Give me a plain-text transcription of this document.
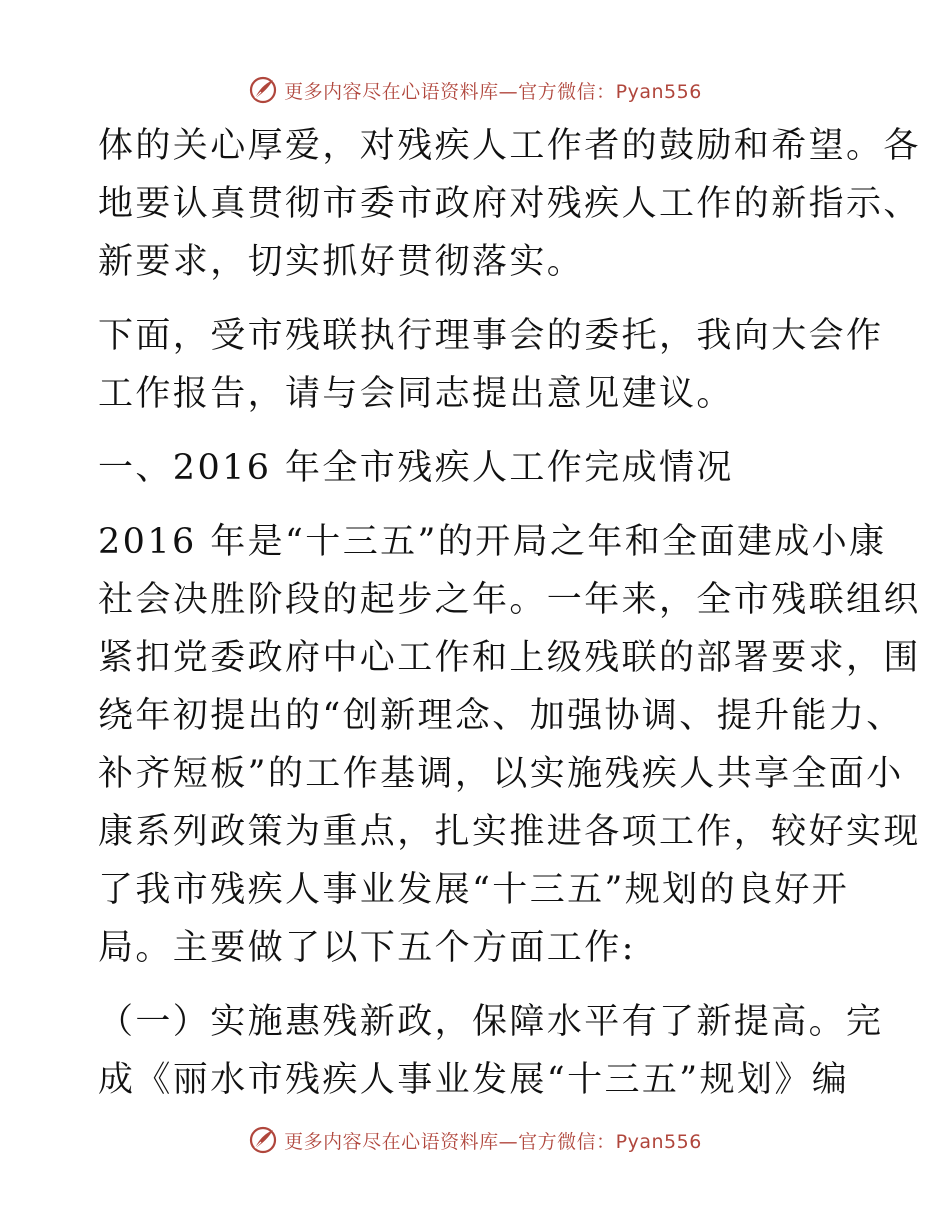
更多内容尽在心语资料库—官方微信：Pyan556
体的关心厚爱，对残疾人工作者的鼓励和希望。各
地要认真贯彻市委市政府对残疾人工作的新指示、
新要求，切实抓好贯彻落实。
下面，受市残联执行理事会的委托，我向大会作
工作报告，请与会同志提出意见建议。
一、2016 年全市残疾人工作完成情况
2016 年是“十三五”的开局之年和全面建成小康
社会决胜阶段的起步之年。一年来，全市残联组织
紧扣党委政府中心工作和上级残联的部署要求，围
绕年初提出的“创新理念、加强协调、提升能力、
补齐短板”的工作基调，以实施残疾人共享全面小
康系列政策为重点，扎实推进各项工作，较好实现
了我市残疾人事业发展“十三五”规划的良好开
局。主要做了以下五个方面工作:
（一）实施惠残新政，保障水平有了新提高。完
成《丽水市残疾人事业发展“十三五”规划》编
更多内容尽在心语资料库—官方微信：Pyan556
